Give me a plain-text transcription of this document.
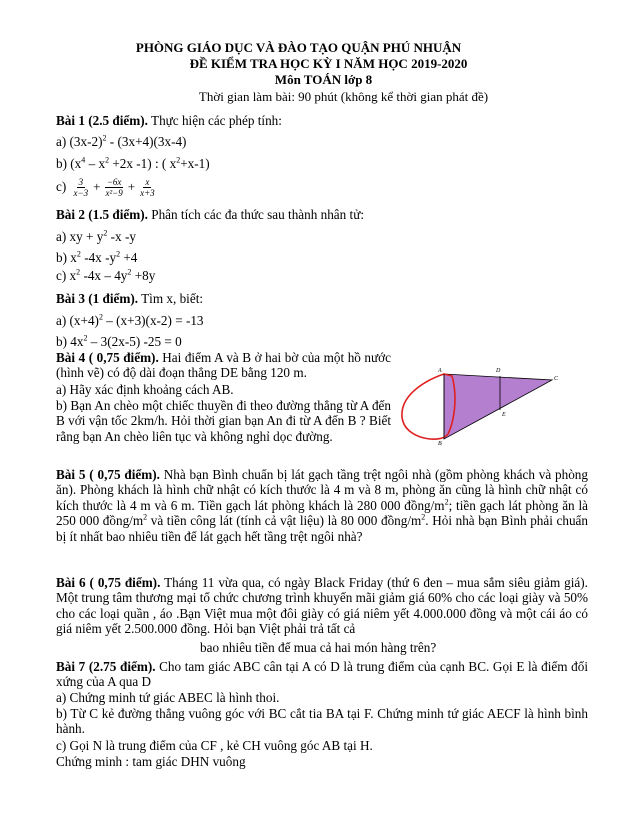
PHÒNG GIÁO DỤC VÀ ĐÀO TẠO QUẬN PHÚ NHUẬN
ĐỀ KIỂM TRA HỌC KỲ I NĂM HỌC 2019-2020
Môn TOÁN lớp 8
Thời gian làm bài: 90 phút (không kể thời gian phát đề)
Bài 1 (2.5 điểm). Thực hiện các phép tính:
a) $(3x-2)^2 - (3x+4)(3x-4)$
b) ($x^4 - x^2 +2x$ -1) : ( $x^2+x-1$)
$c) \frac{3}{x-3} + \frac{-6x}{\text{x²−9}} + \frac{x}{x+3}$
Bài 2 (1.5 điểm). Phân tích các đa thức sau thành nhân tử:
a) xy + $y^2$ -x -y
b) $x^2$ -4x $-y^2 +4$
c) $x^2$ $-4x - 4y^2 +8y$
Bài 3 (1 điểm). Tìm x, biết:
a) $(x+4)^2 - (x+3)(x-2) = -13$
b) $4x^2 - 3(2x-5) -25 = 0$
Bài 4 ( 0,75 điểm). Hai điểm A và B ở hai bờ của một hồ nước (hình vẽ) có độ dài đoạn thẳng DE bằng 120 m.
a) Hãy xác định khoảng cách AB.
b) Bạn An chèo một chiếc thuyền đi theo đường thẳng từ A đến B với vận tốc 2km/h. Hỏi thời gian bạn An đi từ A đến B ? Biết rằng bạn An chèo liên tục và không nghỉ dọc đường.
A	D
C
E
B
Bài 5 ( 0,75 điểm). Nhà bạn Bình chuẩn bị lát gạch tầng trệt ngôi nhà (gồm phòng khách và phòng ăn). Phòng khách là hình chữ nhật có kích thước là 4 m và 8 m, phòng ăn cũng là hình chữ nhật có kích thước là 4 m và 6 m. Tiền gạch lát phòng khách là 280 000 đồng/$m^2$; tiền gạch lát phòng ăn là 250 000 đồng/$m^2$ và tiền công lát (tính cả vật liệu) là 80 000 đồng/$m^2$. Hỏi nhà bạn Bình phải chuẩn bị ít nhất bao nhiêu tiền để lát gạch hết tầng trệt ngôi nhà?
Bài 6 ( 0,75 điểm). Tháng 11 vừa qua, có ngày Black Friday (thứ 6 đen – mua sắm siêu giảm giá). Một trung tâm thương mại tổ chức chương trình khuyến mãi giảm giá 60% cho các loại giày và 50% cho các loại quần , áo .Bạn Việt mua một đôi giày có giá niêm yết 4.000.000 đồng và một cái áo có giá niêm yết 2.500.000 đồng. Hỏi bạn Việt phải trả tất cả
bao nhiêu tiền để mua cả hai món hàng trên?
Bài 7 (2.75 điểm). Cho tam giác ABC cân tại A có D là trung điểm của cạnh BC. Gọi E là điểm đối xứng của A qua D
a) Chứng minh tứ giác ABEC là hình thoi.
b) Từ C kẻ đường thẳng vuông góc với BC cắt tia BA tại F. Chứng minh tứ giác AECF là hình bình hành.
c) Gọi N là trung điểm của CF , kẻ CH vuông góc AB tại H.
Chứng minh : tam giác DHN vuông
